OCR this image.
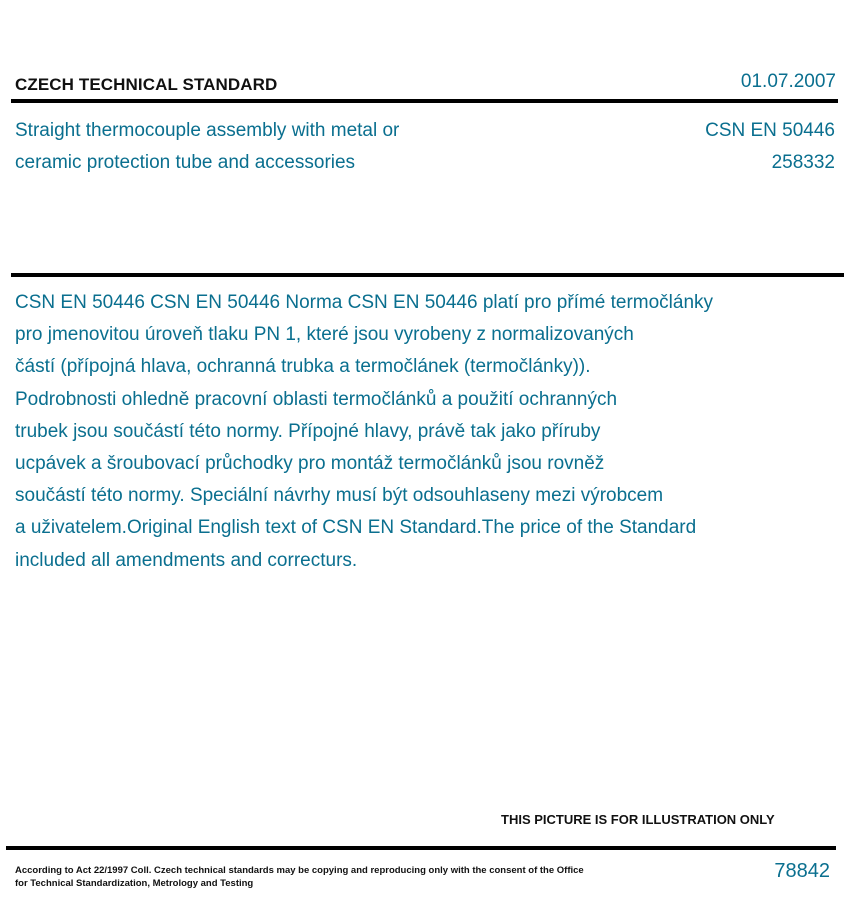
CZECH TECHNICAL STANDARD	01.07.2007
Straight thermocouple assembly with metal or
ceramic protection tube and accessories
CSN EN 50446
258332
CSN EN 50446 CSN EN 50446 Norma CSN EN 50446 platí pro přímé termočlánky
pro jmenovitou úroveň tlaku PN 1, které jsou vyrobeny z normalizovaných
částí (přípojná hlava, ochranná trubka a termočlánek (termočlánky)).
Podrobnosti ohledně pracovní oblasti termočlánků a použití ochranných
trubek jsou součástí této normy. Přípojné hlavy, právě tak jako příruby
ucpávek a šroubovací průchodky pro montáž termočlánků jsou rovněž
součástí této normy. Speciální návrhy musí být odsouhlaseny mezi výrobcem
a uživatelem.Original English text of CSN EN Standard.The price of the Standard
included all amendments and correcturs.
THIS PICTURE IS FOR ILLUSTRATION ONLY
According to Act 22/1997 Coll. Czech technical standards may be copying and reproducing only with the consent of the Office
for Technical Standardization, Metrology and Testing
78842
